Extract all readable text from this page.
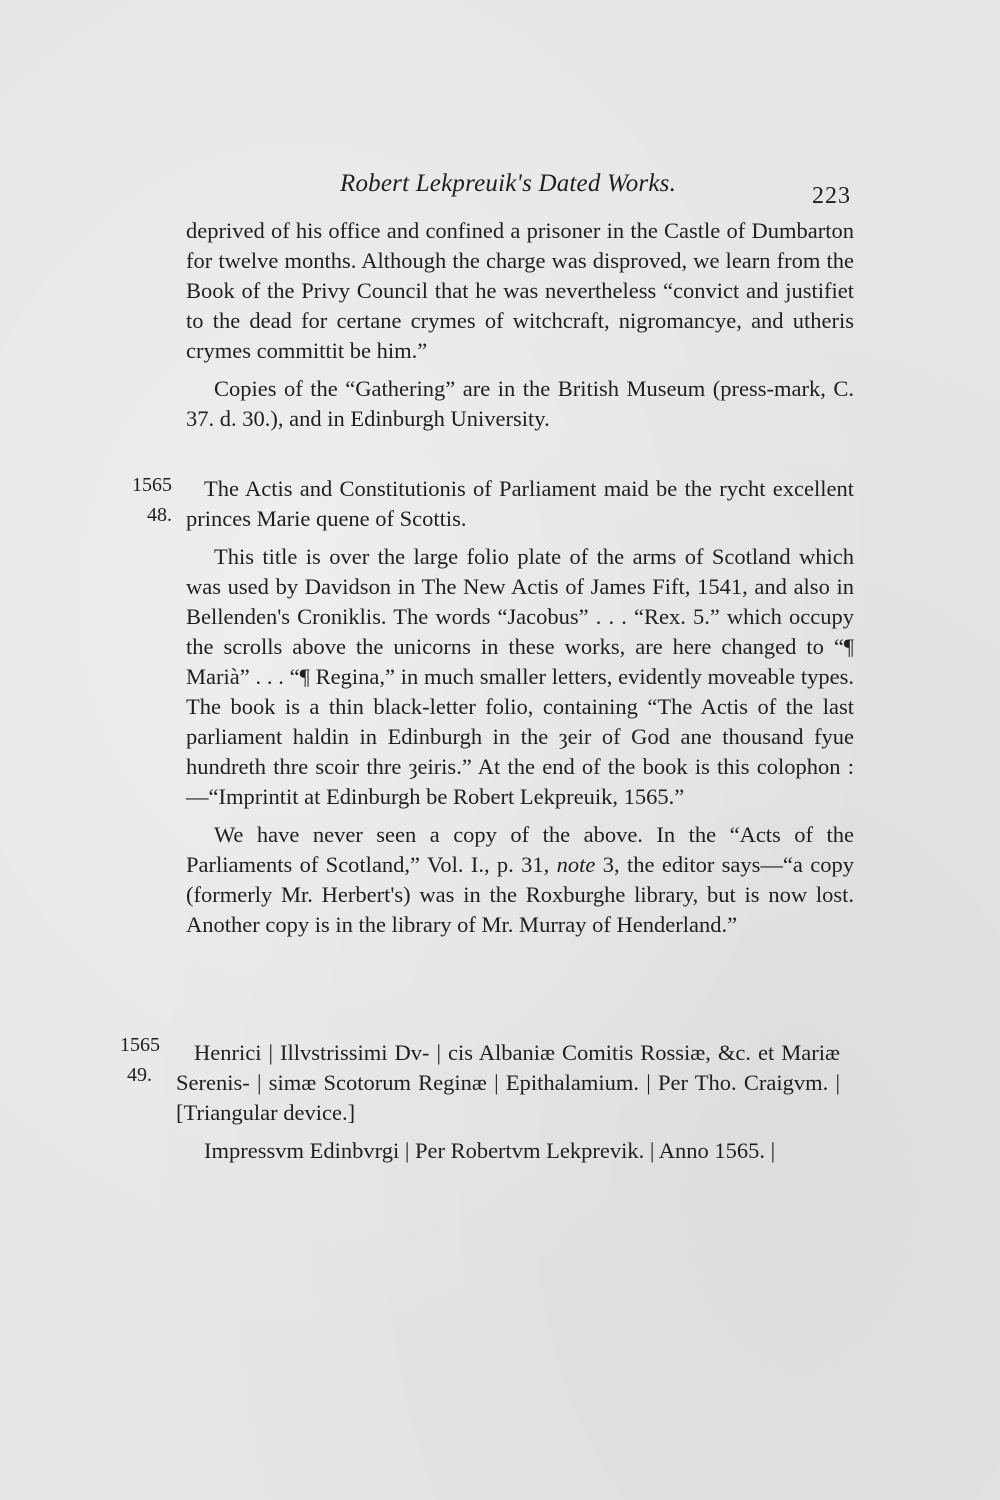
Robert Lekpreuik's Dated Works.	223

deprived of his office and confined a prisoner in the Castle of Dumbarton for twelve months. Although the charge was disproved, we learn from the Book of the Privy Council that he was nevertheless “convict and justifiet to the dead for certane crymes of witchcraft, nigromancye, and utheris crymes committit be him.”

Copies of the “Gathering” are in the British Museum (press-mark, C. 37. d. 30.), and in Edinburgh University.

1565
48.

The Actis and Constitutionis of Parliament maid be the rycht excellent princes Marie quene of Scottis.

This title is over the large folio plate of the arms of Scotland which was used by Davidson in The New Actis of James Fift, 1541, and also in Bellenden's Croniklis. The words “Jacobus” . . . “Rex. 5.” which occupy the scrolls above the unicorns in these works, are here changed to “¶ Marià” . . . “¶ Regina,” in much smaller letters, evidently moveable types. The book is a thin black-letter folio, containing “The Actis of the last parliament haldin in Edinburgh in the ȝeir of God ane thousand fyue hundreth thre scoir thre ȝeiris.” At the end of the book is this colophon :—“Imprintit at Edinburgh be Robert Lekpreuik, 1565.”

We have never seen a copy of the above. In the “Acts of the Parliaments of Scotland,” Vol. I., p. 31, note 3, the editor says—“a copy (formerly Mr. Herbert's) was in the Roxburghe library, but is now lost. Another copy is in the library of Mr. Murray of Henderland.”

1565
49.

Henrici | Illvstrissimi Dv- | cis Albaniæ Comitis Rossiæ, &c. et Mariæ Serenis- | simæ Scotorum Reginæ | Epithalamium. | Per Tho. Craigvm. | [Triangular device.]

Impressvm Edinbvrgi | Per Robertvm Lekprevik. | Anno 1565. |
